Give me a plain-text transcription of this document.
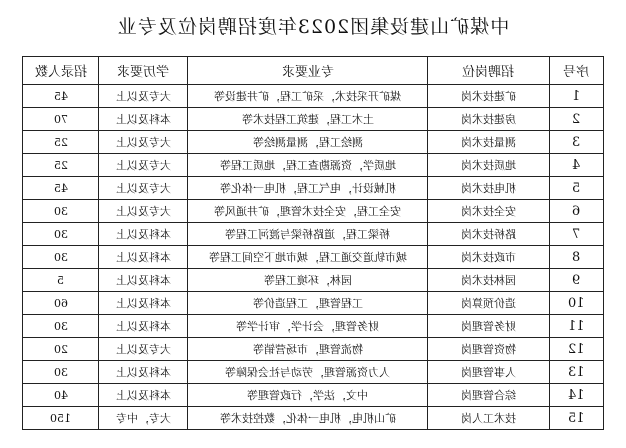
中煤矿山建设集团2023年度招聘岗位及专业
招录人数	学历要求	专业要求	招聘岗位	序号
45	大专及以上	煤矿开采技术，采矿工程，矿井建设等	矿建技术岗	1
70	本科及以上	土木工程，建筑工程技术等	房建技术岗	2
25	大专及以上	测绘工程，测量测绘等	测量技术岗	3
25	大专及以上	地质学，资源勘查工程，地质工程等	地质技术岗	4
45	大专及以上	机械设计，电气工程，机电一体化等	机电技术岗	5
30	大专及以上	安全工程，安全技术管理，矿井通风等	安全技术岗	6
30	本科及以上	桥梁工程，道路桥梁与渡河工程等	路桥技术岗	7
30	本科及以上	城市轨道交通工程，城市地下空间工程等	市政技术岗	8
5	本科及以上	园林，环境工程等	园林技术岗	9
60	本科及以上	工程管理，工程造价等	造价预算岗	10
30	本科及以上	财务管理，会计学，审计学等	财务管理岗	11
20	大专及以上	物流管理，市场营销等	物资管理岗	12
30	本科及以上	人力资源管理，劳动与社会保障等	人事管理岗	13
40	本科及以上	中文，法学，行政管理等	综合管理岗	14
150	大专，中专	矿山机电，机电一体化，数控技术等	技术工人岗	15
